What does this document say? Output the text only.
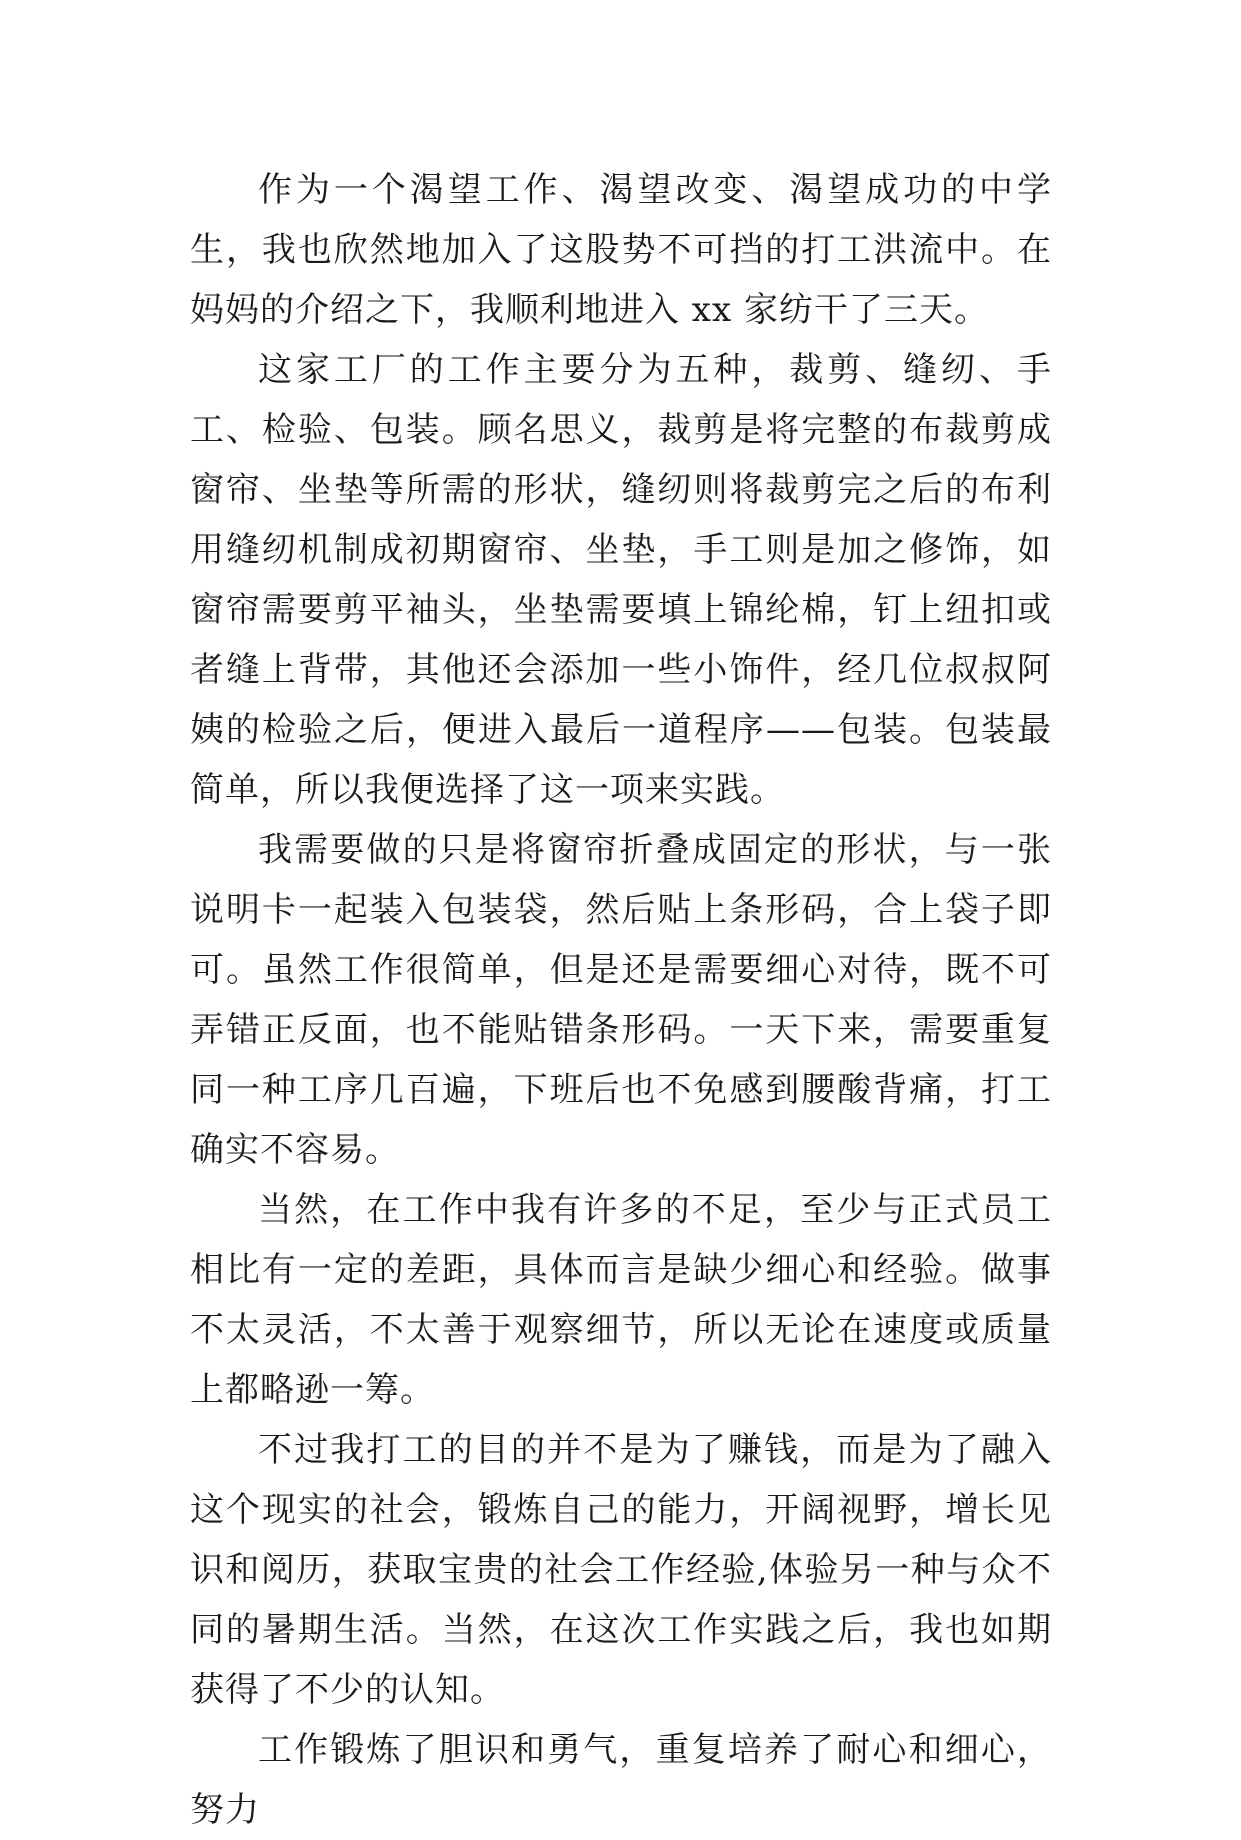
作为一个渴望工作、渴望改变、渴望成功的中学生，我也欣然地加入了这股势不可挡的打工洪流中。在妈妈的介绍之下，我顺利地进入 xx 家纺干了三天。

这家工厂的工作主要分为五种，裁剪、缝纫、手工、检验、包装。顾名思义，裁剪是将完整的布裁剪成窗帘、坐垫等所需的形状，缝纫则将裁剪完之后的布利用缝纫机制成初期窗帘、坐垫，手工则是加之修饰，如窗帘需要剪平袖头，坐垫需要填上锦纶棉，钉上纽扣或者缝上背带，其他还会添加一些小饰件，经几位叔叔阿姨的检验之后，便进入最后一道程序——包装。包装最简单，所以我便选择了这一项来实践。

我需要做的只是将窗帘折叠成固定的形状，与一张说明卡一起装入包装袋，然后贴上条形码，合上袋子即可。虽然工作很简单，但是还是需要细心对待，既不可弄错正反面，也不能贴错条形码。一天下来，需要重复同一种工序几百遍，下班后也不免感到腰酸背痛，打工确实不容易。

当然，在工作中我有许多的不足，至少与正式员工相比有一定的差距，具体而言是缺少细心和经验。做事不太灵活，不太善于观察细节，所以无论在速度或质量上都略逊一筹。

不过我打工的目的并不是为了赚钱，而是为了融入这个现实的社会，锻炼自己的能力，开阔视野，增长见识和阅历，获取宝贵的社会工作经验,体验另一种与众不同的暑期生活。当然，在这次工作实践之后，我也如期获得了不少的认知。

工作锻炼了胆识和勇气，重复培养了耐心和细心，努力
